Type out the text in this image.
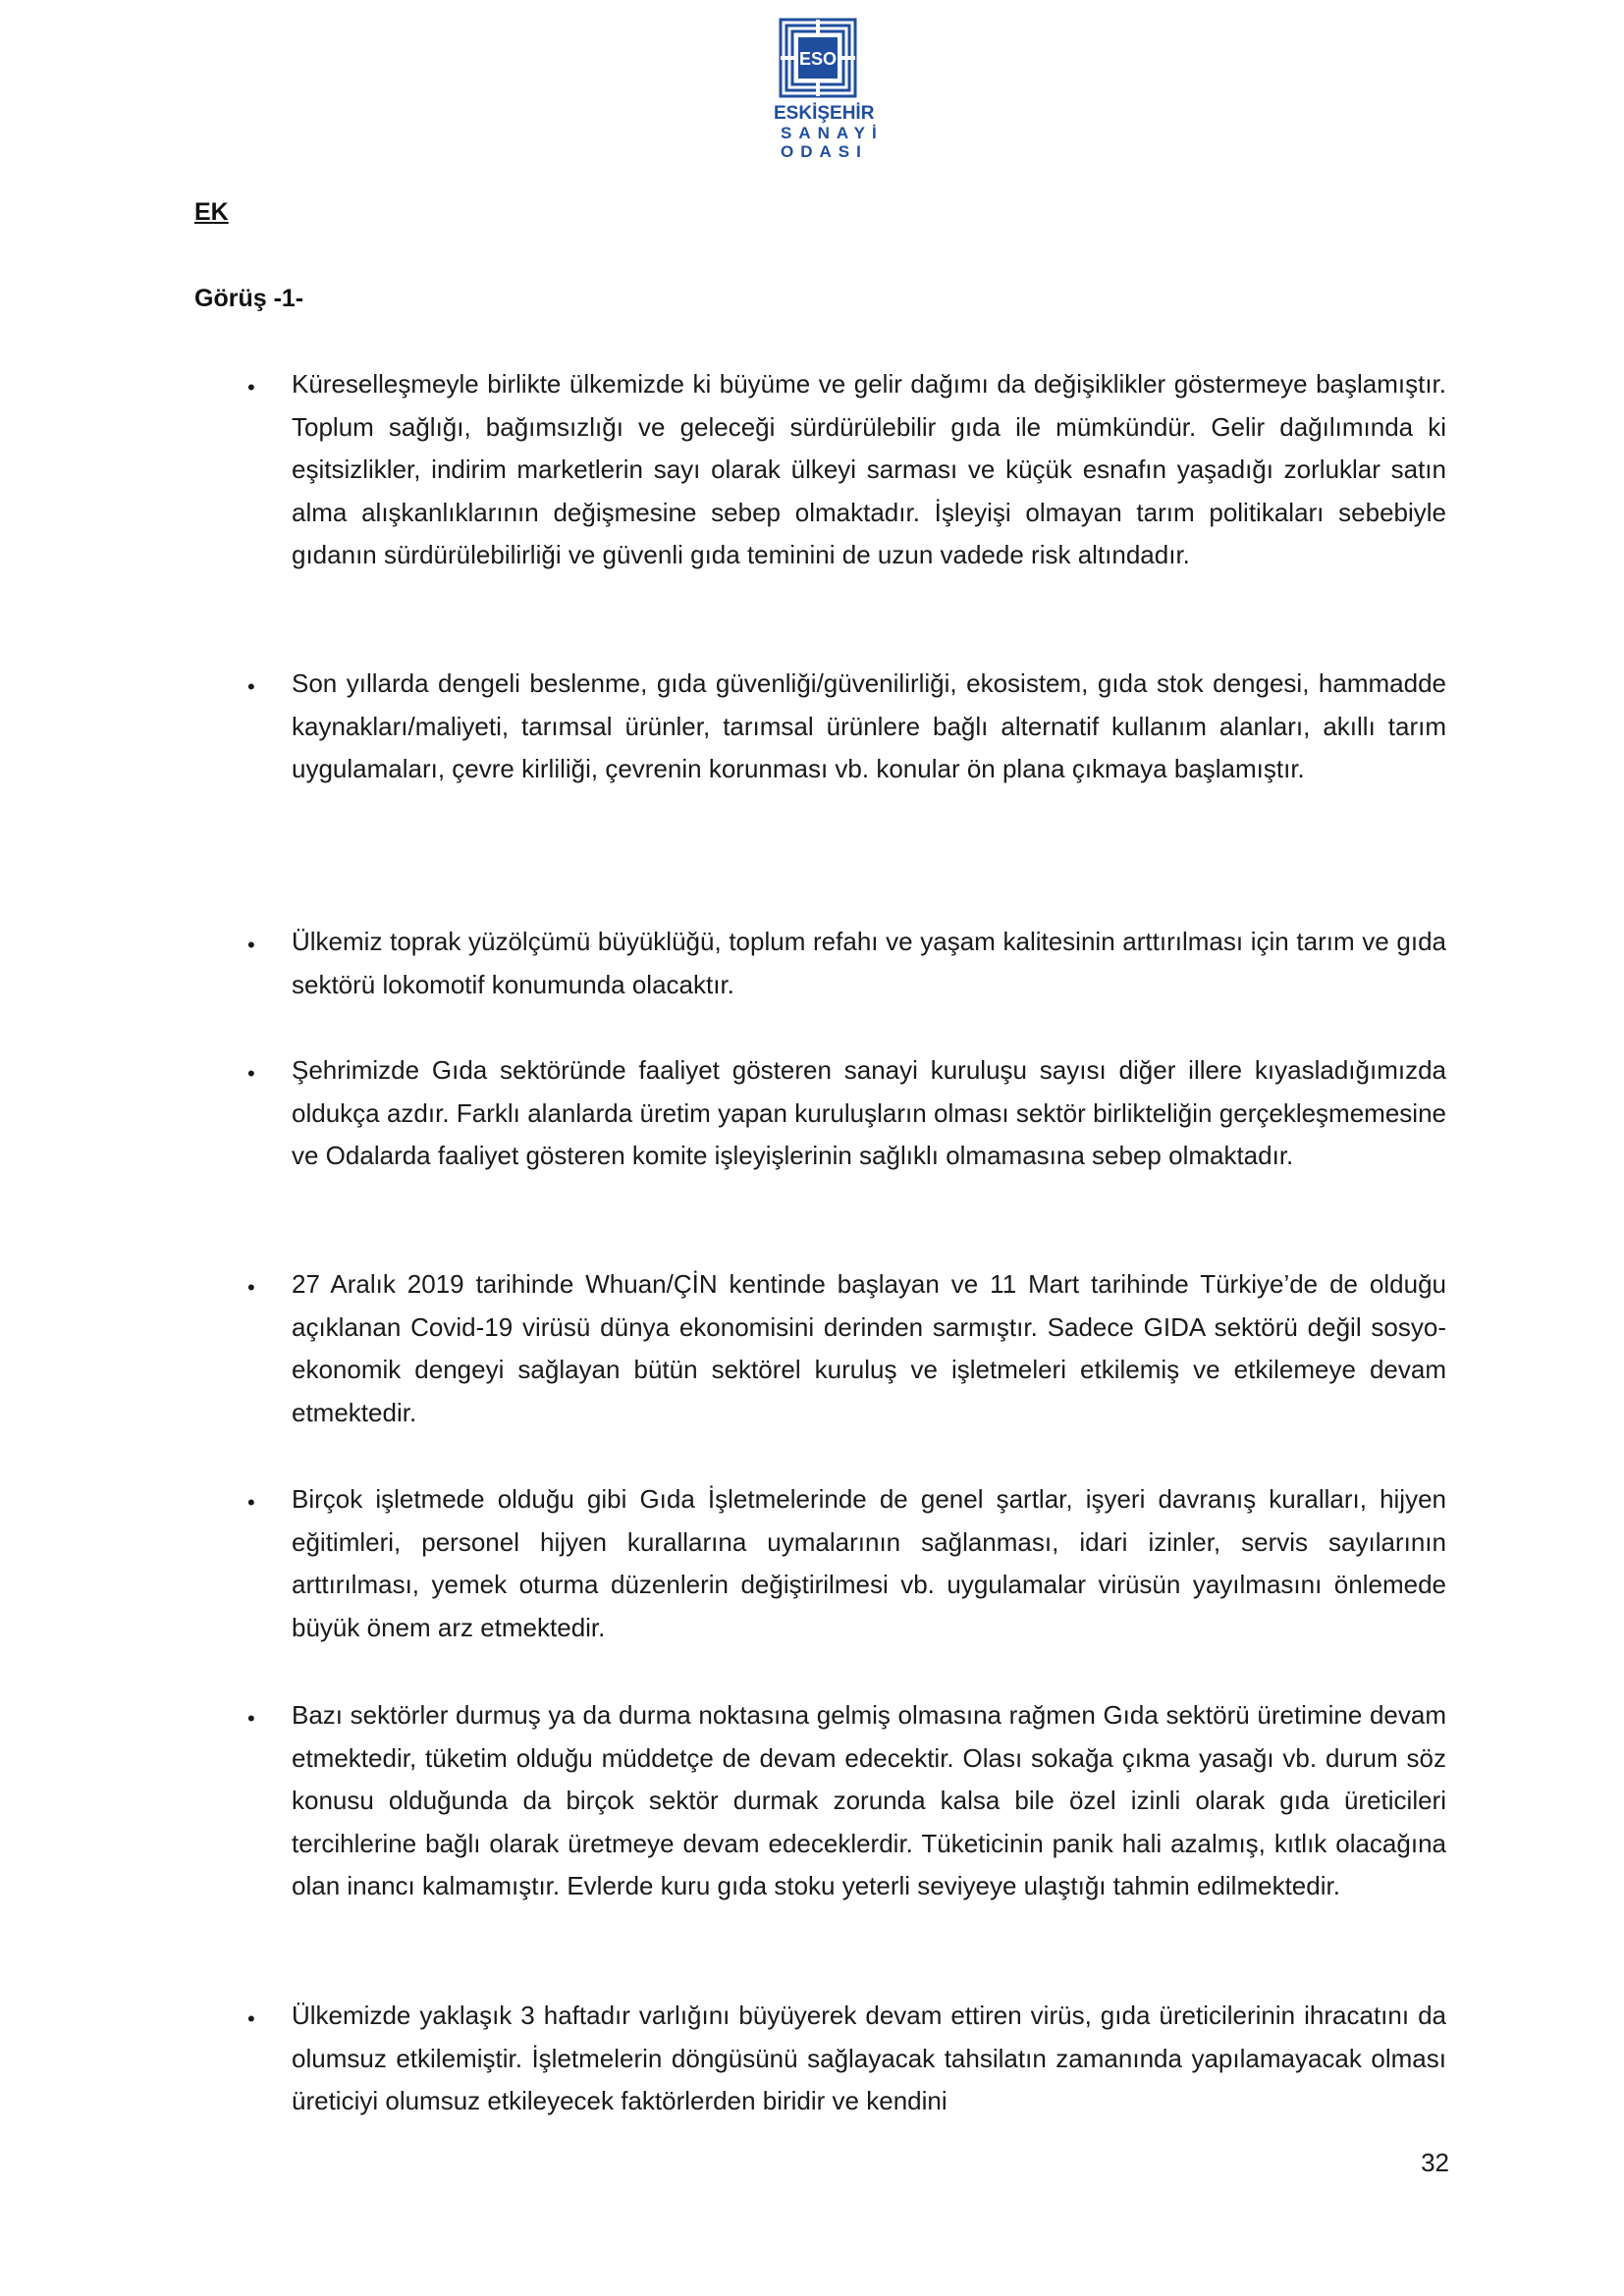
ESO
ESKİŞEHİR
SANAYİ
ODASI
EK
Görüş -1-
• Küreselleşmeyle birlikte ülkemizde ki büyüme ve gelir dağımı da değişiklikler göstermeye başlamıştır. Toplum sağlığı, bağımsızlığı ve geleceği sürdürülebilir gıda ile mümkündür. Gelir dağılımında ki eşitsizlikler, indirim marketlerin sayı olarak ülkeyi sarması ve küçük esnafın yaşadığı zorluklar satın alma alışkanlıklarının değişmesine sebep olmaktadır. İşleyişi olmayan tarım politikaları sebebiyle gıdanın sürdürülebilirliği ve güvenli gıda teminini de uzun vadede risk altındadır.
• Son yıllarda dengeli beslenme, gıda güvenliği/güvenilirliği, ekosistem, gıda stok dengesi, hammadde kaynakları/maliyeti, tarımsal ürünler, tarımsal ürünlere bağlı alternatif kullanım alanları, akıllı tarım uygulamaları, çevre kirliliği, çevrenin korunması vb. konular ön plana çıkmaya başlamıştır.
• Ülkemiz toprak yüzölçümü büyüklüğü, toplum refahı ve yaşam kalitesinin arttırılması için tarım ve gıda sektörü lokomotif konumunda olacaktır.
• Şehrimizde Gıda sektöründe faaliyet gösteren sanayi kuruluşu sayısı diğer illere kıyasladığımızda oldukça azdır. Farklı alanlarda üretim yapan kuruluşların olması sektör birlikteliğin gerçekleşmemesine ve Odalarda faaliyet gösteren komite işleyişlerinin sağlıklı olmamasına sebep olmaktadır.
• 27 Aralık 2019 tarihinde Whuan/ÇİN kentinde başlayan ve 11 Mart tarihinde Türkiye’de de olduğu açıklanan Covid-19 virüsü dünya ekonomisini derinden sarmıştır. Sadece GIDA sektörü değil sosyo-ekonomik dengeyi sağlayan bütün sektörel kuruluş ve işletmeleri etkilemiş ve etkilemeye devam etmektedir.
• Birçok işletmede olduğu gibi Gıda İşletmelerinde de genel şartlar, işyeri davranış kuralları, hijyen eğitimleri, personel hijyen kurallarına uymalarının sağlanması, idari izinler, servis sayılarının arttırılması, yemek oturma düzenlerin değiştirilmesi vb. uygulamalar virüsün yayılmasını önlemede büyük önem arz etmektedir.
• Bazı sektörler durmuş ya da durma noktasına gelmiş olmasına rağmen Gıda sektörü üretimine devam etmektedir, tüketim olduğu müddetçe de devam edecektir. Olası sokağa çıkma yasağı vb. durum söz konusu olduğunda da birçok sektör durmak zorunda kalsa bile özel izinli olarak gıda üreticileri tercihlerine bağlı olarak üretmeye devam edeceklerdir. Tüketicinin panik hali azalmış, kıtlık olacağına olan inancı kalmamıştır. Evlerde kuru gıda stoku yeterli seviyeye ulaştığı tahmin edilmektedir.
• Ülkemizde yaklaşık 3 haftadır varlığını büyüyerek devam ettiren virüs, gıda üreticilerinin ihracatını da olumsuz etkilemiştir. İşletmelerin döngüsünü sağlayacak tahsilatın zamanında yapılamayacak olması üreticiyi olumsuz etkileyecek faktörlerden biridir ve kendini
32
